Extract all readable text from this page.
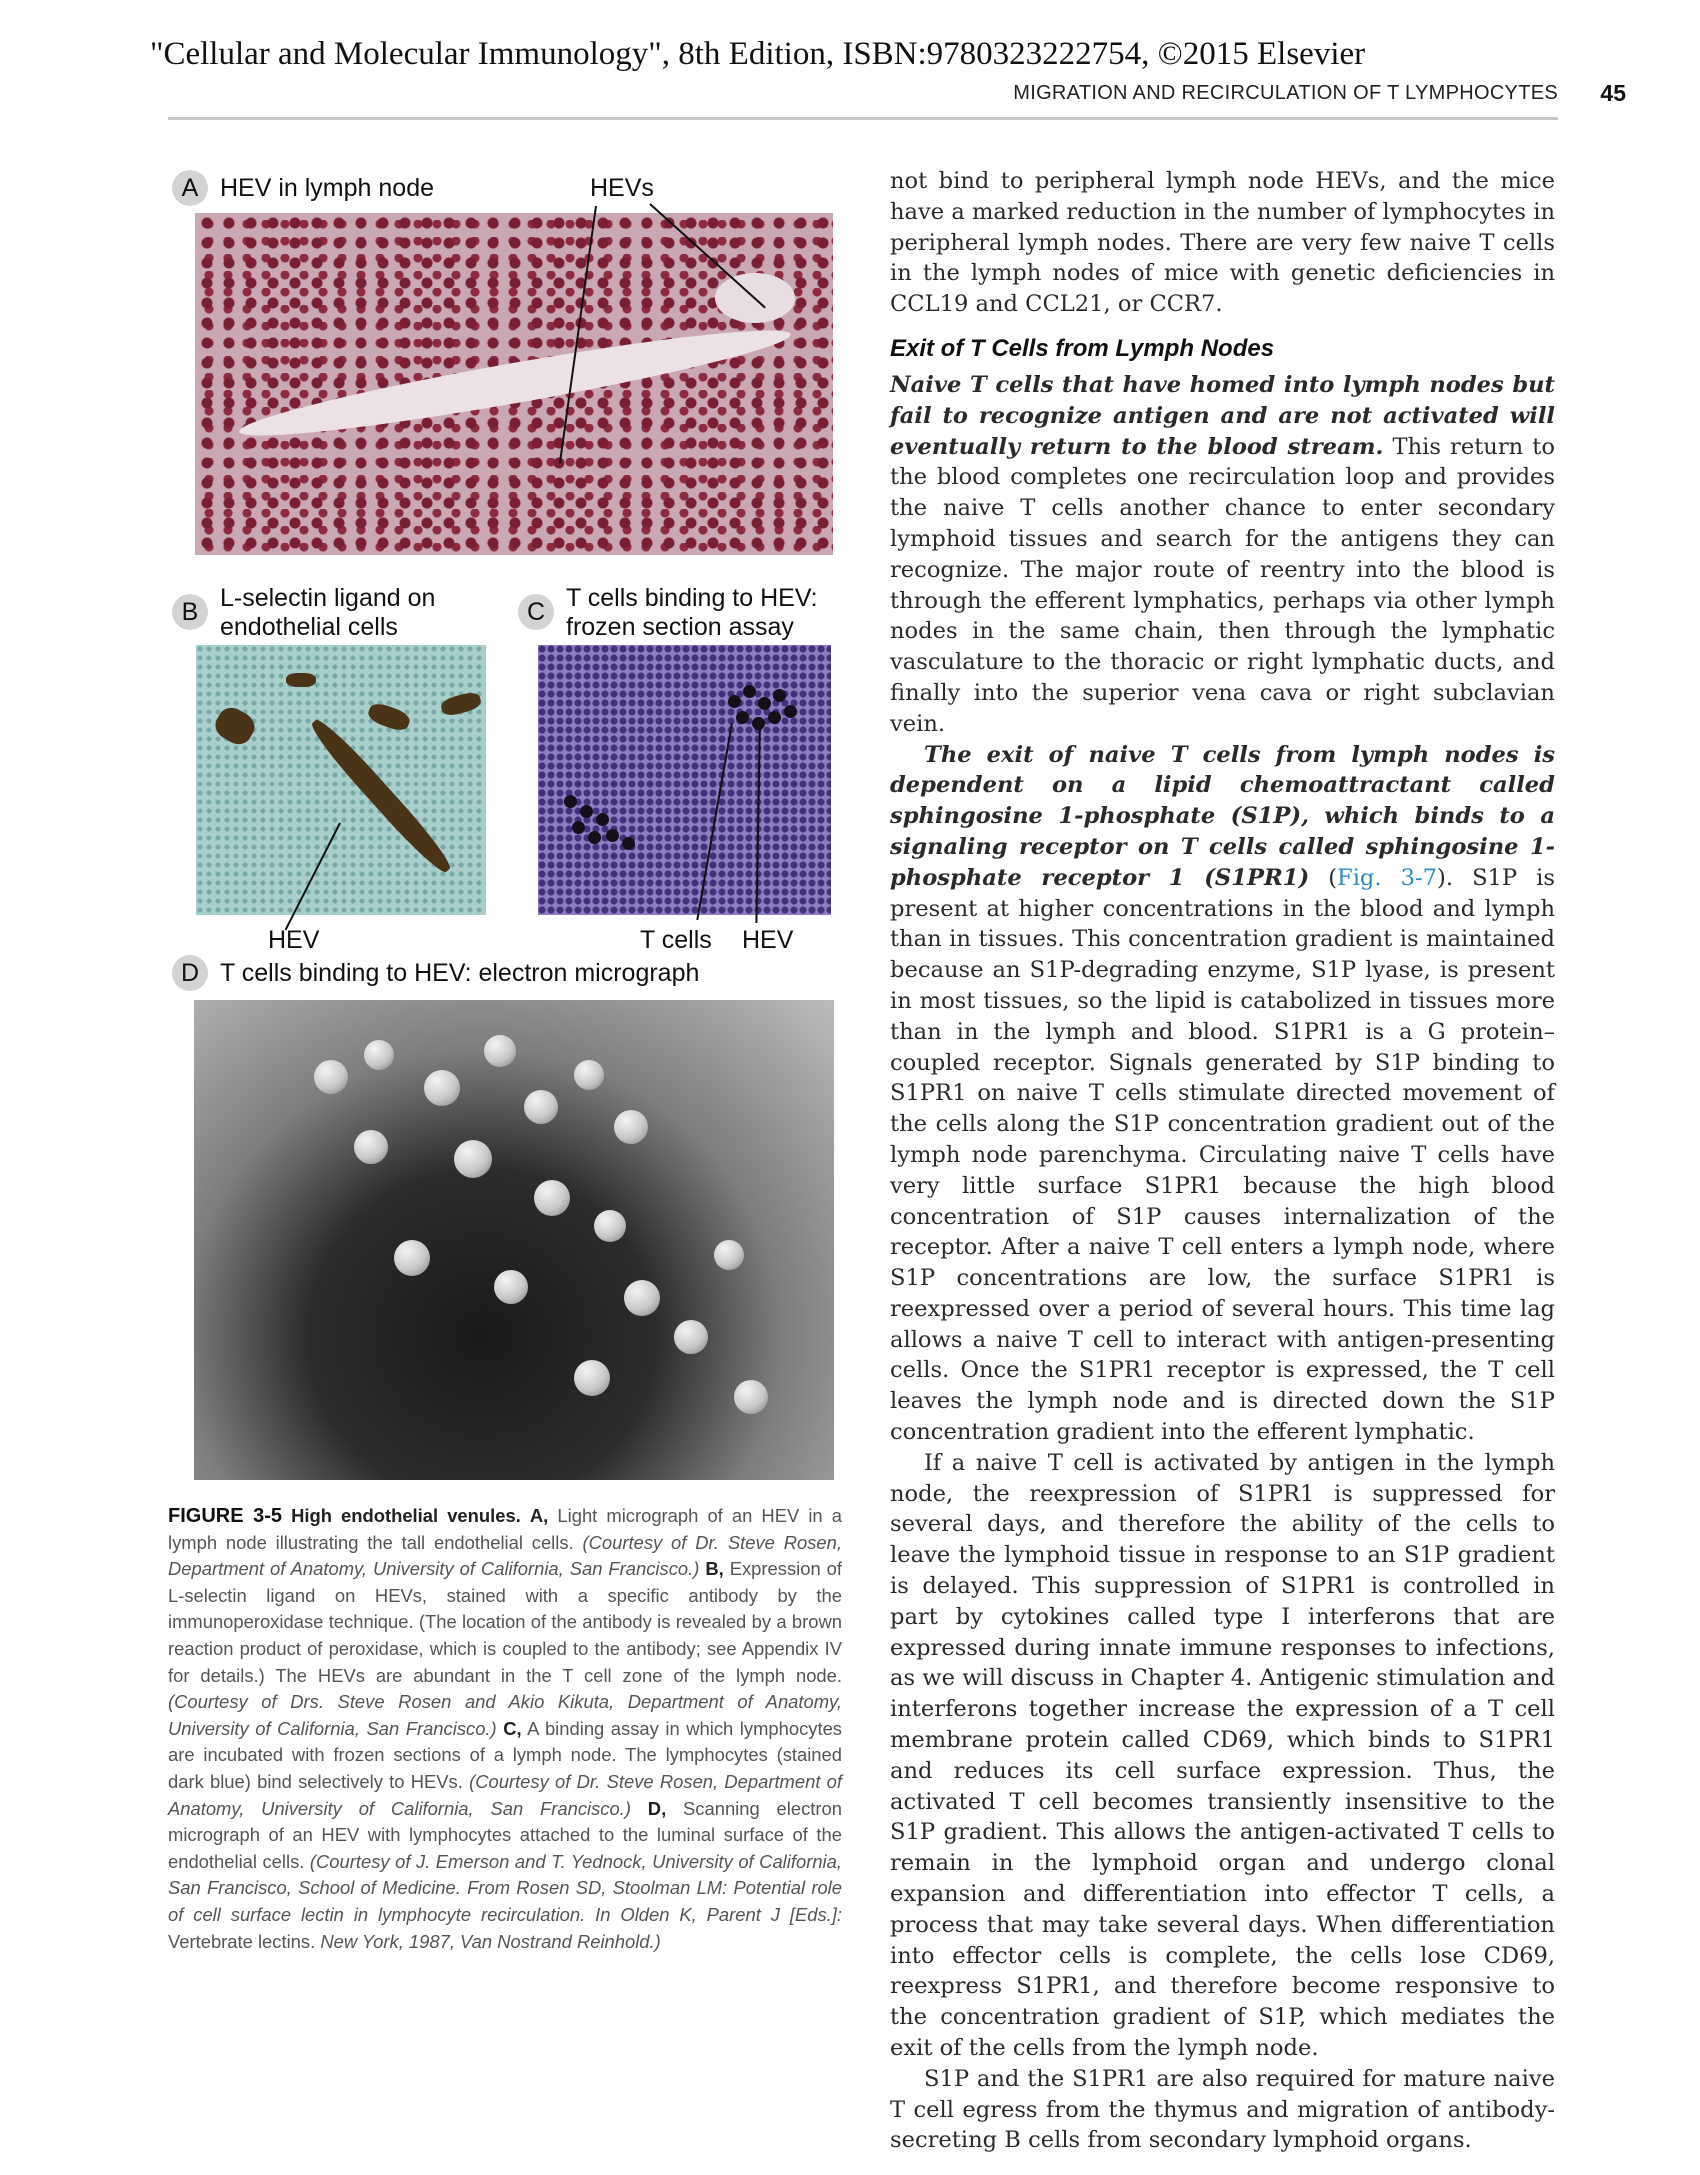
"Cellular and Molecular Immunology", 8th Edition, ISBN:9780323222754, ©2015 Elsevier
MIGRATION AND RECIRCULATION OF T LYMPHOCYTES 45
A HEV in lymph node	HEVs
B L-selectin ligand on
endothelial cells
HEV
C T cells binding to HEV:
frozen section assay
T cells HEV
D T cells binding to HEV: electron micrograph
FIGURE 3-5 High endothelial venules. A, Light micrograph of an HEV in a lymph node illustrating the tall endothelial cells. (Courtesy of Dr. Steve Rosen, Department of Anatomy, University of California, San Francisco.) B, Expression of L-selectin ligand on HEVs, stained with a specific antibody by the immunoperoxidase technique. (The location of the antibody is revealed by a brown reaction product of peroxidase, which is coupled to the antibody; see Appendix IV for details.) The HEVs are abundant in the T cell zone of the lymph node. (Courtesy of Drs. Steve Rosen and Akio Kikuta, Department of Anatomy, University of California, San Francisco.) C, A binding assay in which lymphocytes are incubated with frozen sections of a lymph node. The lymphocytes (stained dark blue) bind selectively to HEVs. (Courtesy of Dr. Steve Rosen, Department of Anatomy, University of California, San Francisco.) D, Scanning electron micrograph of an HEV with lymphocytes attached to the luminal surface of the endothelial cells. (Courtesy of J. Emerson and T. Yednock, University of California, San Francisco, School of Medicine. From Rosen SD, Stoolman LM: Potential role of cell surface lectin in lymphocyte recirculation. In Olden K, Parent J [Eds.]: Vertebrate lectins. New York, 1987, Van Nostrand Reinhold.)

not bind to peripheral lymph node HEVs, and the mice have a marked reduction in the number of lymphocytes in peripheral lymph nodes. There are very few naive T cells in the lymph nodes of mice with genetic deficiencies in CCL19 and CCL21, or CCR7.

Exit of T Cells from Lymph Nodes

Naive T cells that have homed into lymph nodes but fail to recognize antigen and are not activated will eventually return to the blood stream. This return to the blood completes one recirculation loop and provides the naive T cells another chance to enter secondary lymphoid tissues and search for the antigens they can recognize. The major route of reentry into the blood is through the efferent lymphatics, perhaps via other lymph nodes in the same chain, then through the lymphatic vasculature to the thoracic or right lymphatic ducts, and finally into the superior vena cava or right subclavian vein.

The exit of naive T cells from lymph nodes is dependent on a lipid chemoattractant called sphingosine 1-phosphate (S1P), which binds to a signaling receptor on T cells called sphingosine 1-phosphate receptor 1 (S1PR1) (Fig. 3-7). S1P is present at higher concentrations in the blood and lymph than in tissues. This concentration gradient is maintained because an S1P-degrading enzyme, S1P lyase, is present in most tissues, so the lipid is catabolized in tissues more than in the lymph and blood. S1PR1 is a G protein–coupled receptor. Signals generated by S1P binding to S1PR1 on naive T cells stimulate directed movement of the cells along the S1P concentration gradient out of the lymph node parenchyma. Circulating naive T cells have very little surface S1PR1 because the high blood concentration of S1P causes internalization of the receptor. After a naive T cell enters a lymph node, where S1P concentrations are low, the surface S1PR1 is reexpressed over a period of several hours. This time lag allows a naive T cell to interact with antigen-presenting cells. Once the S1PR1 receptor is expressed, the T cell leaves the lymph node and is directed down the S1P concentration gradient into the efferent lymphatic.

If a naive T cell is activated by antigen in the lymph node, the reexpression of S1PR1 is suppressed for several days, and therefore the ability of the cells to leave the lymphoid tissue in response to an S1P gradient is delayed. This suppression of S1PR1 is controlled in part by cytokines called type I interferons that are expressed during innate immune responses to infections, as we will discuss in Chapter 4. Antigenic stimulation and interferons together increase the expression of a T cell membrane protein called CD69, which binds to S1PR1 and reduces its cell surface expression. Thus, the activated T cell becomes transiently insensitive to the S1P gradient. This allows the antigen-activated T cells to remain in the lymphoid organ and undergo clonal expansion and differentiation into effector T cells, a process that may take several days. When differentiation into effector cells is complete, the cells lose CD69, reexpress S1PR1, and therefore become responsive to the concentration gradient of S1P, which mediates the exit of the cells from the lymph node.

S1P and the S1PR1 are also required for mature naive T cell egress from the thymus and migration of antibody-secreting B cells from secondary lymphoid organs.
